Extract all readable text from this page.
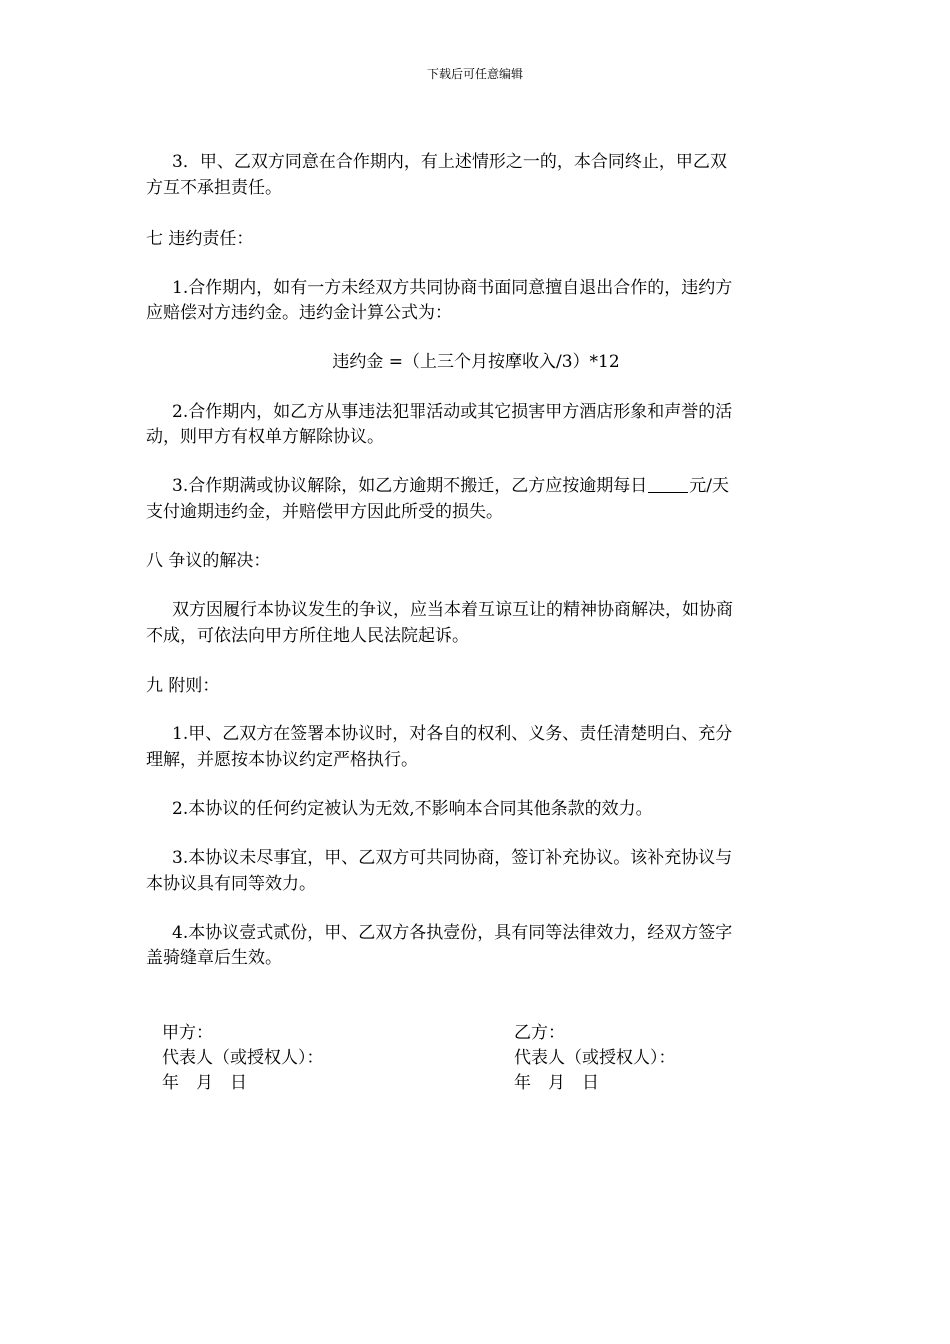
下载后可任意编辑
3．甲、乙双方同意在合作期内，有上述情形之一的，本合同终止，甲乙双
方互不承担责任。
七 违约责任：
1.合作期内，如有一方未经双方共同协商书面同意擅自退出合作的，违约方
应赔偿对方违约金。违约金计算公式为：
违约金 =（上三个月按摩收入/3）*12
2.合作期内，如乙方从事违法犯罪活动或其它损害甲方酒店形象和声誉的活
动，则甲方有权单方解除协议。
3.合作期满或协议解除，如乙方逾期不搬迁，乙方应按逾期每日 元/天
支付逾期违约金，并赔偿甲方因此所受的损失。
八 争议的解决：
双方因履行本协议发生的争议，应当本着互谅互让的精神协商解决，如协商
不成，可依法向甲方所住地人民法院起诉。
九 附则：
1.甲、乙双方在签署本协议时，对各自的权利、义务、责任清楚明白、充分
理解，并愿按本协议约定严格执行。
2.本协议的任何约定被认为无效,不影响本合同其他条款的效力。
3.本协议未尽事宜，甲、乙双方可共同协商，签订补充协议。该补充协议与
本协议具有同等效力。
4.本协议壹式贰份，甲、乙双方各执壹份，具有同等法律效力，经双方签字
盖骑缝章后生效。
甲方：
代表人（或授权人）：
年　月　日
乙方：
代表人（或授权人）：
年　月　日
